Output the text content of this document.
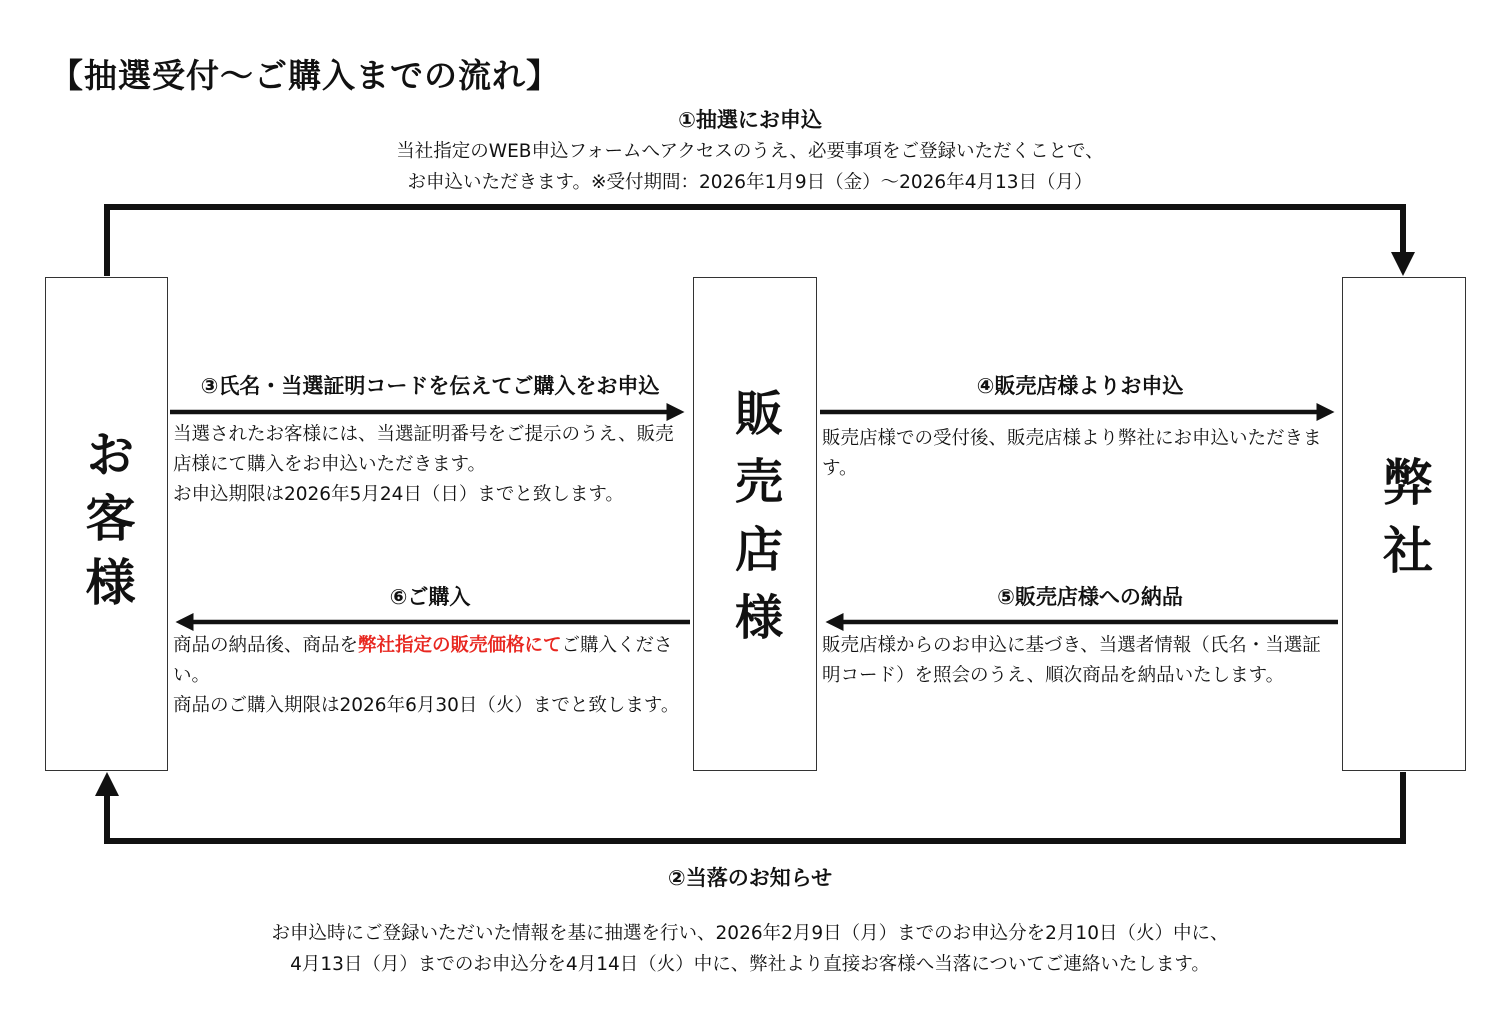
【抽選受付～ご購入までの流れ】
①抽選にお申込
当社指定のWEB申込フォームへアクセスのうえ、必要事項をご登録いただくことで、
お申込いただきます。※受付期間：2026年1月9日（金）～2026年4月13日（月）
お客様	販売店様	弊社
③氏名・当選証明コードを伝えてご購入をお申込

当選されたお客様には、当選証明番号をご提示のうえ、販売店様にて購入をお申込いただきます。

お申込期限は2026年5月24日（日）までと致します。

④販売店様よりお申込

販売店様での受付後、販売店様より弊社にお申込いただきます。

⑥ご購入

商品の納品後、商品を弊社指定の販売価格にてご購入ください。

商品のご購入期限は2026年6月30日（火）までと致します。

⑤販売店様への納品

販売店様からのお申込に基づき、当選者情報（氏名・当選証明コード）を照会のうえ、順次商品を納品いたします。

②当落のお知らせ
お申込時にご登録いただいた情報を基に抽選を行い、2026年2月9日（月）までのお申込分を2月10日（火）中に、
4月13日（月）までのお申込分を4月14日（火）中に、弊社より直接お客様へ当落についてご連絡いたします。
